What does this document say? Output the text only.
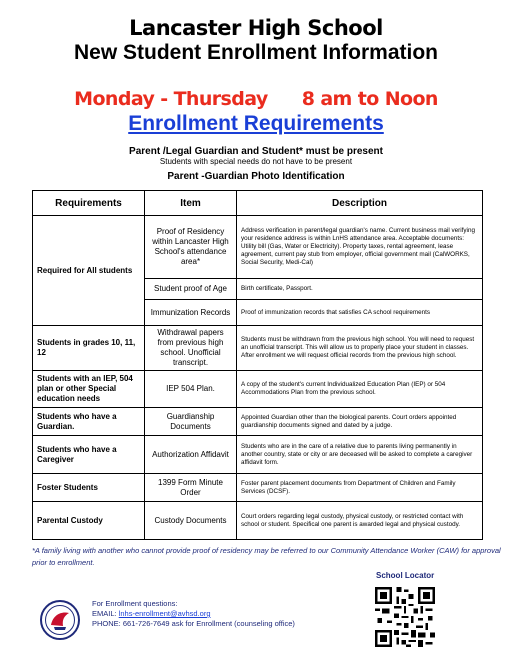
Lancaster High School
New Student Enrollment Information
Monday - Thursday 8 am to Noon
Enrollment Requirements
Parent /Legal Guardian and Student* must be present
Students with special needs do not have to be present
Parent -Guardian Photo Identification
Requirements	Item	Description
Required for All students	Proof of Residency within Lancaster High School's attendance area*	Address verification in parent/legal guardian's name. Current business mail verifying your residence address is within LnHS attendance area. Acceptable documents: Utility bill (Gas, Water or Electricity). Property taxes, rental agreement, lease agreement, current pay stub from employer, official government mail (CalWORKS, Social Security, Medi-Cal)
	Student proof of Age	Birth certificate, Passport.
	Immunization Records	Proof of immunization records that satisfies CA school requirements
Students in grades 10, 11, 12	Withdrawal papers from previous high school. Unofficial transcript.	Students must be withdrawn from the previous high school. You will need to request an unofficial transcript. This will allow us to properly place your student in classes. After enrollment we will request official records from the previous high school.
Students with an IEP, 504 plan or other Special education needs	IEP 504 Plan.	A copy of the student's current Individualized Education Plan (IEP) or 504 Accommodations Plan from the previous school.
Students who have a Guardian.	Guardianship Documents	Appointed Guardian other than the biological parents. Court orders appointed guardianship documents signed and dated by a judge.
Students who have a Caregiver	Authorization Affidavit	Students who are in the care of a relative due to parents living permanently in another country, state or city or are deceased will be asked to complete a caregiver affidavit form.
Foster Students	1399 Form Minute Order	Foster parent placement documents from Department of Children and Family Services (DCSF).
Parental Custody	Custody Documents	Court orders regarding legal custody, physical custody, or restricted contact with school or student. Specifical one parent is awarded legal and physical custody.
*A family living with another who cannot provide proof of residency may be referred to our Community Attendance Worker (CAW) for approval prior to enrollment.
School Locator
For Enrollment questions:
EMAIL: lnhs-enrollment@avhsd.org
PHONE: 661-726-7649 ask for Enrollment (counseling office)
